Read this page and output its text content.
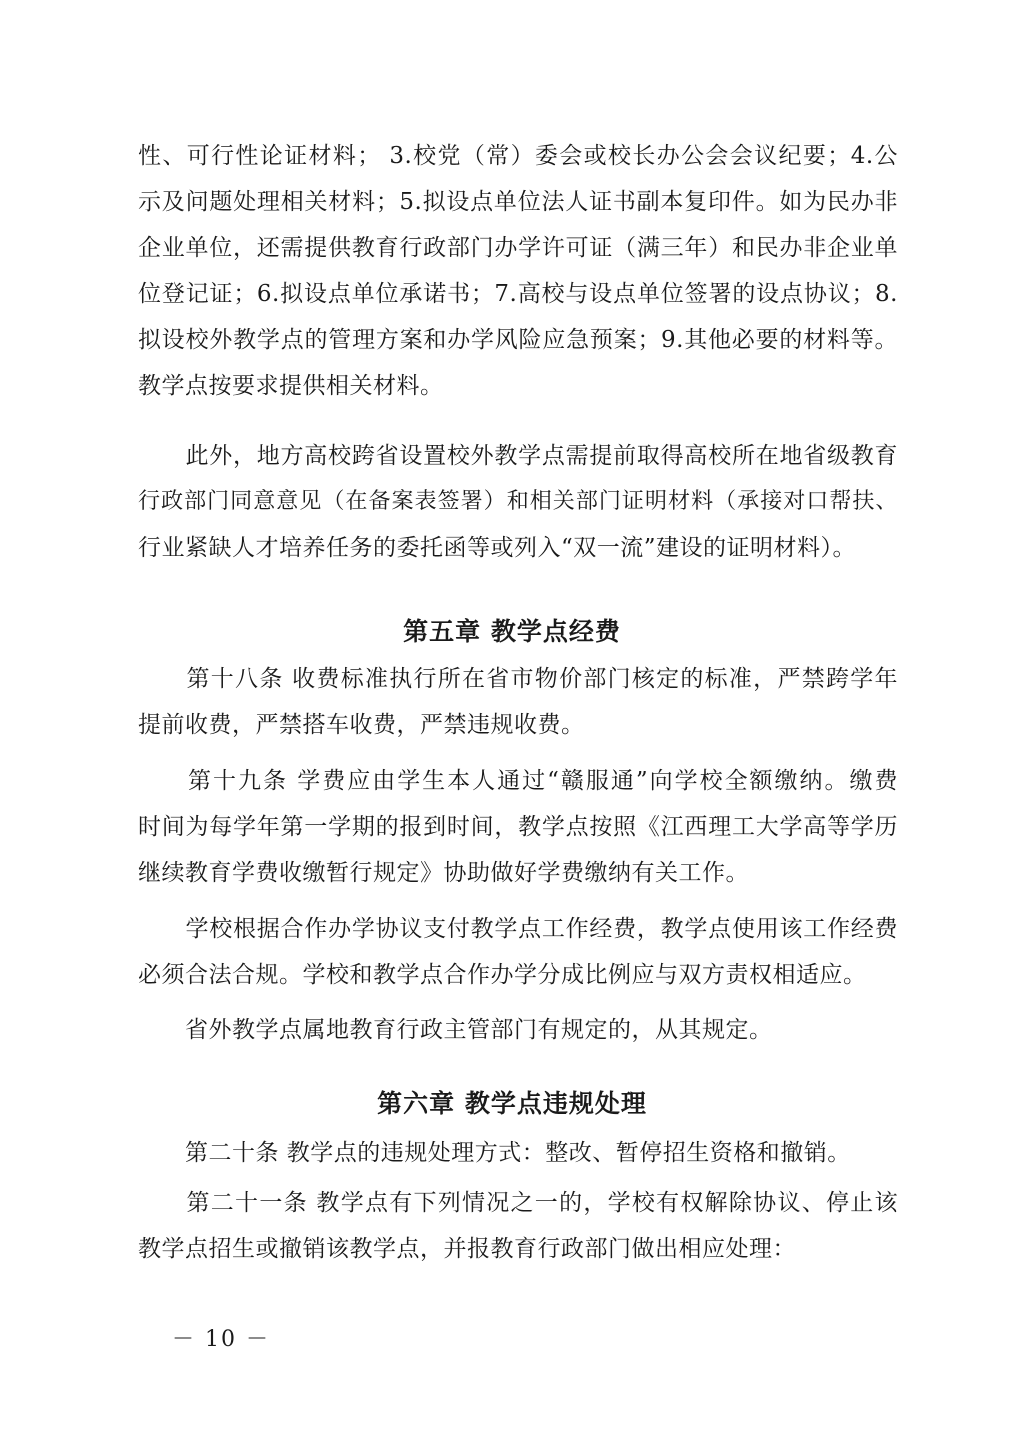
性、可行性论证材料； 3.校党（常）委会或校长办公会会议纪要；4.公
示及问题处理相关材料；5.拟设点单位法人证书副本复印件。如为民办非
企业单位，还需提供教育行政部门办学许可证（满三年）和民办非企业单
位登记证；6.拟设点单位承诺书；7.高校与设点单位签署的设点协议；8.
拟设校外教学点的管理方案和办学风险应急预案；9.其他必要的材料等。
教学点按要求提供相关材料。
　　此外，地方高校跨省设置校外教学点需提前取得高校所在地省级教育
行政部门同意意见（在备案表签署）和相关部门证明材料（承接对口帮扶、
行业紧缺人才培养任务的委托函等或列入“双一流”建设的证明材料）。
第五章 教学点经费
　　第十八条 收费标准执行所在省市物价部门核定的标准，严禁跨学年
提前收费，严禁搭车收费，严禁违规收费。
　　第十九条 学费应由学生本人通过“赣服通”向学校全额缴纳。缴费
时间为每学年第一学期的报到时间，教学点按照《江西理工大学高等学历
继续教育学费收缴暂行规定》协助做好学费缴纳有关工作。
　　学校根据合作办学协议支付教学点工作经费，教学点使用该工作经费
必须合法合规。学校和教学点合作办学分成比例应与双方责权相适应。
　　省外教学点属地教育行政主管部门有规定的，从其规定。
第六章 教学点违规处理
　　第二十条 教学点的违规处理方式：整改、暂停招生资格和撤销。
　　第二十一条 教学点有下列情况之一的，学校有权解除协议、停止该
教学点招生或撤销该教学点，并报教育行政部门做出相应处理：
－ 10 －
